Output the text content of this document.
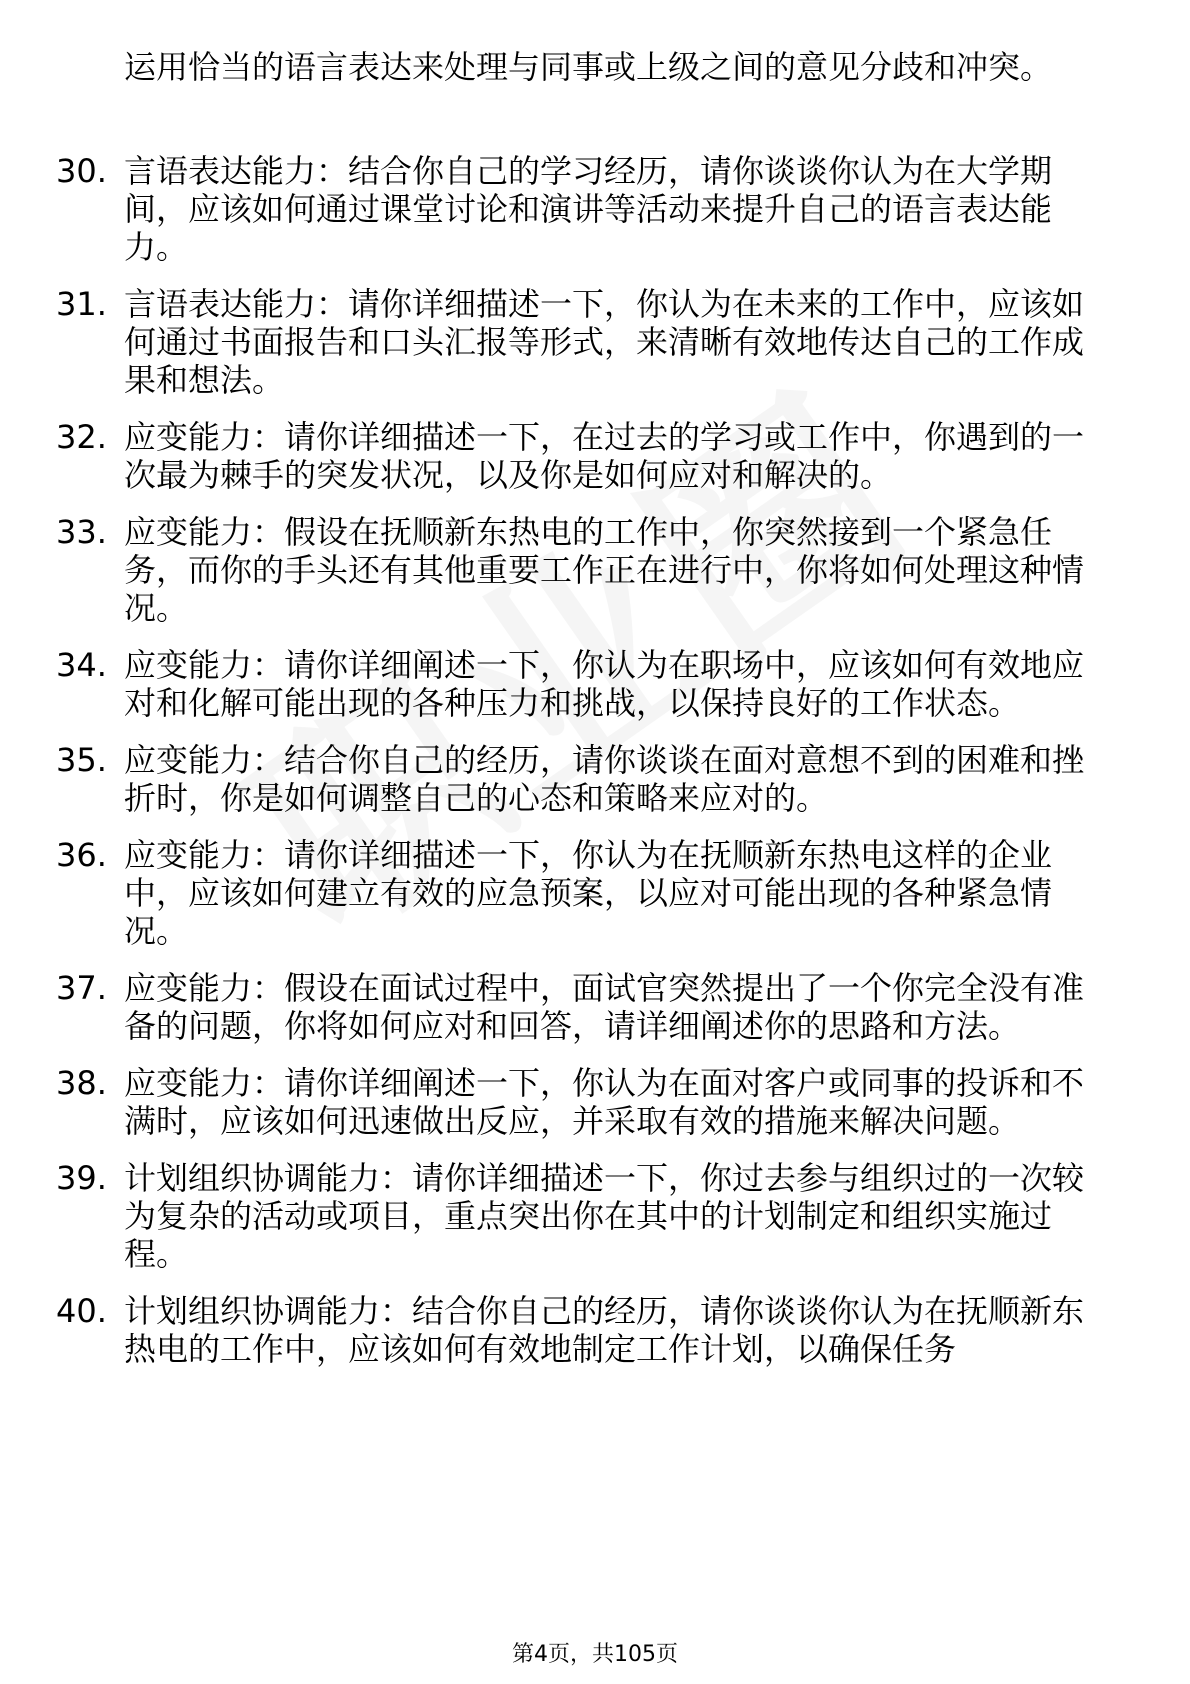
运用恰当的语言表达来处理与同事或上级之间的意见分歧和冲突。

30. 言语表达能力：结合你自己的学习经历，请你谈谈你认为在大学期间，应该如何通过课堂讨论和演讲等活动来提升自己的语言表达能力。
31. 言语表达能力：请你详细描述一下，你认为在未来的工作中，应该如何通过书面报告和口头汇报等形式，来清晰有效地传达自己的工作成果和想法。
32. 应变能力：请你详细描述一下，在过去的学习或工作中，你遇到的一次最为棘手的突发状况，以及你是如何应对和解决的。
33. 应变能力：假设在抚顺新东热电的工作中，你突然接到一个紧急任务，而你的手头还有其他重要工作正在进行中，你将如何处理这种情况。
34. 应变能力：请你详细阐述一下，你认为在职场中，应该如何有效地应对和化解可能出现的各种压力和挑战，以保持良好的工作状态。
35. 应变能力：结合你自己的经历，请你谈谈在面对意想不到的困难和挫折时，你是如何调整自己的心态和策略来应对的。
36. 应变能力：请你详细描述一下，你认为在抚顺新东热电这样的企业中，应该如何建立有效的应急预案，以应对可能出现的各种紧急情况。
37. 应变能力：假设在面试过程中，面试官突然提出了一个你完全没有准备的问题，你将如何应对和回答，请详细阐述你的思路和方法。
38. 应变能力：请你详细阐述一下，你认为在面对客户或同事的投诉和不满时，应该如何迅速做出反应，并采取有效的措施来解决问题。
39. 计划组织协调能力：请你详细描述一下，你过去参与组织过的一次较为复杂的活动或项目，重点突出你在其中的计划制定和组织实施过程。
40. 计划组织协调能力：结合你自己的经历，请你谈谈你认为在抚顺新东热电的工作中，应该如何有效地制定工作计划，以确保任务
第4页，共105页
